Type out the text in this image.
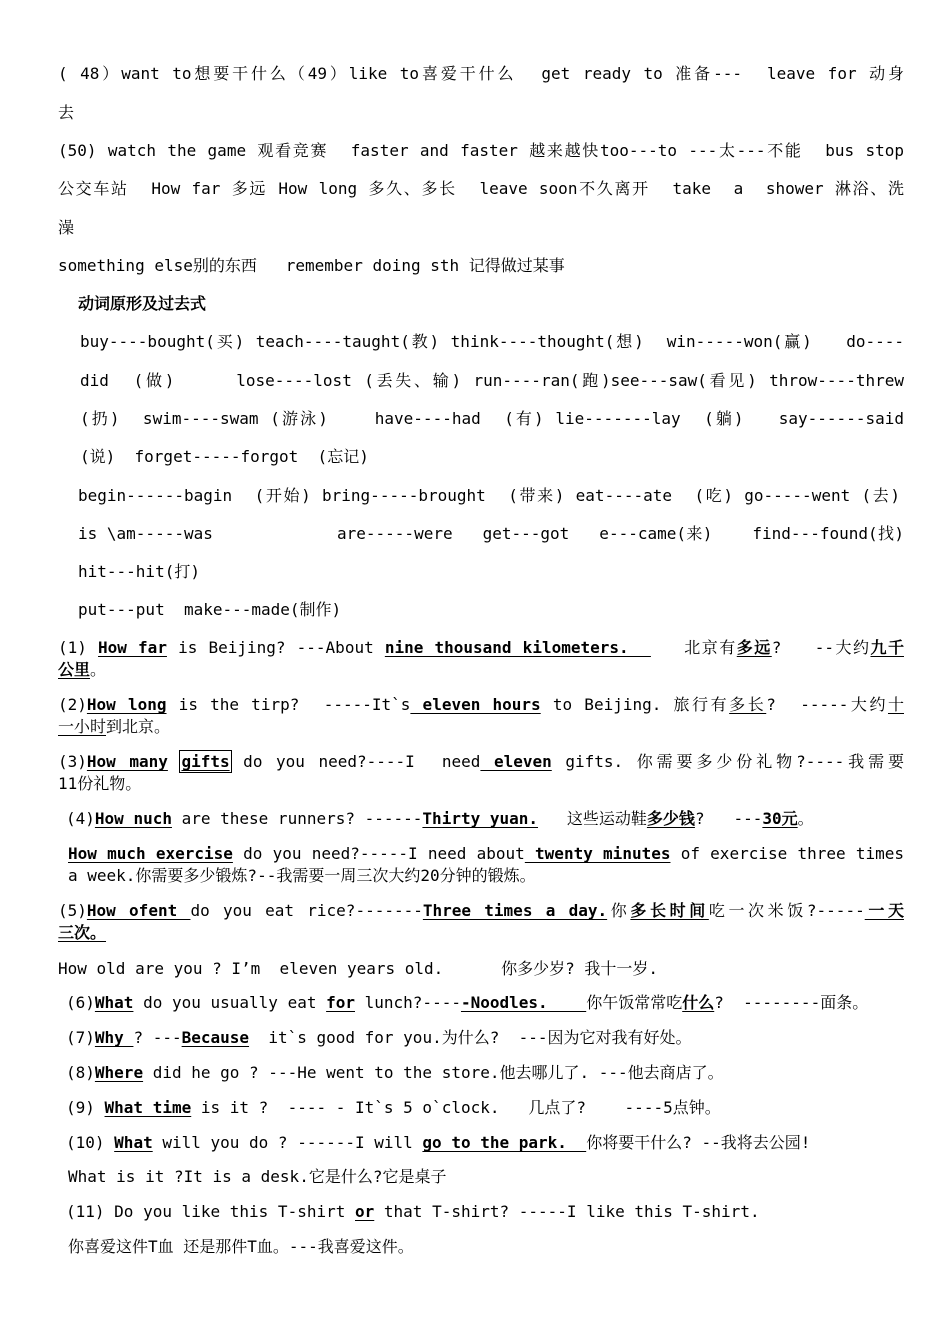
( 48）want to想要干什么（49）like to喜爱干什么  get ready to 准备---  leave for 动身
去
(50) watch the game 观看竞赛  faster and faster 越来越快too---to ---太---不能  bus stop
公交车站  How far 多远 How long 多久、多长  leave soon不久离开  take  a  shower 淋浴、洗
澡
something else别的东西   remember doing sth 记得做过某事
动词原形及过去式
buy----bought(买) teach----taught(教) think----thought(想)  win-----won(赢)   do----
did  (做)     lose----lost (丢失、输) run----ran(跑)see---saw(看见) throw----threw
(扔)  swim----swam (游泳)    have----had  (有) lie-------lay  (躺)   say------said
(说)  forget-----forgot  (忘记)
begin------bagin  (开始) bring-----brought  (带来) eat----ate  (吃) go-----went (去)
is \am-----was	are-----were   get---got   e---came(来)    find---found(找)
hit---hit(打)
put---put  make---made(制作)
(1) How far is Beijing? ---About nine thousand kilometers.     北京有多远?   --大约九千
公里。
(2)How long is the tirp?  -----It`s eleven hours to Beijing. 旅行有多长?  -----大约十
一小时到北京。
(3)How many gifts do you need?----I  need eleven gifts. 你需要多少份礼物?----我需要
11份礼物。
(4)How nuch are these runners? ------Thirty yuan.   这些运动鞋多少钱?   ---30元。
How much exercise do you need?-----I need about twenty minutes of exercise three times
a week.你需要多少锻炼?--我需要一周三次大约20分钟的锻炼。
(5)How ofent do you eat rice?-------Three times a day.你多长时间吃一次米饭?-----一天
三次。
How old are you ? I’m  eleven years old.      你多少岁? 我十一岁.
(6)What do you usually eat for lunch?-----Noodles.    你午饭常常吃什么?  --------面条。
(7)Why ? ---Because  it`s good for you.为什么?  ---因为它对我有好处。
(8)Where did he go ? ---He went to the store.他去哪儿了. ---他去商店了。
(9) What time is it ?  ---- - It`s 5 o`clock.   几点了?    ----5点钟。
(10) What will you do ? ------I will go to the park.  你将要干什么? --我将去公园!
What is it ?It is a desk.它是什么?它是桌子
(11) Do you like this T-shirt or that T-shirt? -----I like this T-shirt.
你喜爱这件T血 还是那件T血。---我喜爱这件。
